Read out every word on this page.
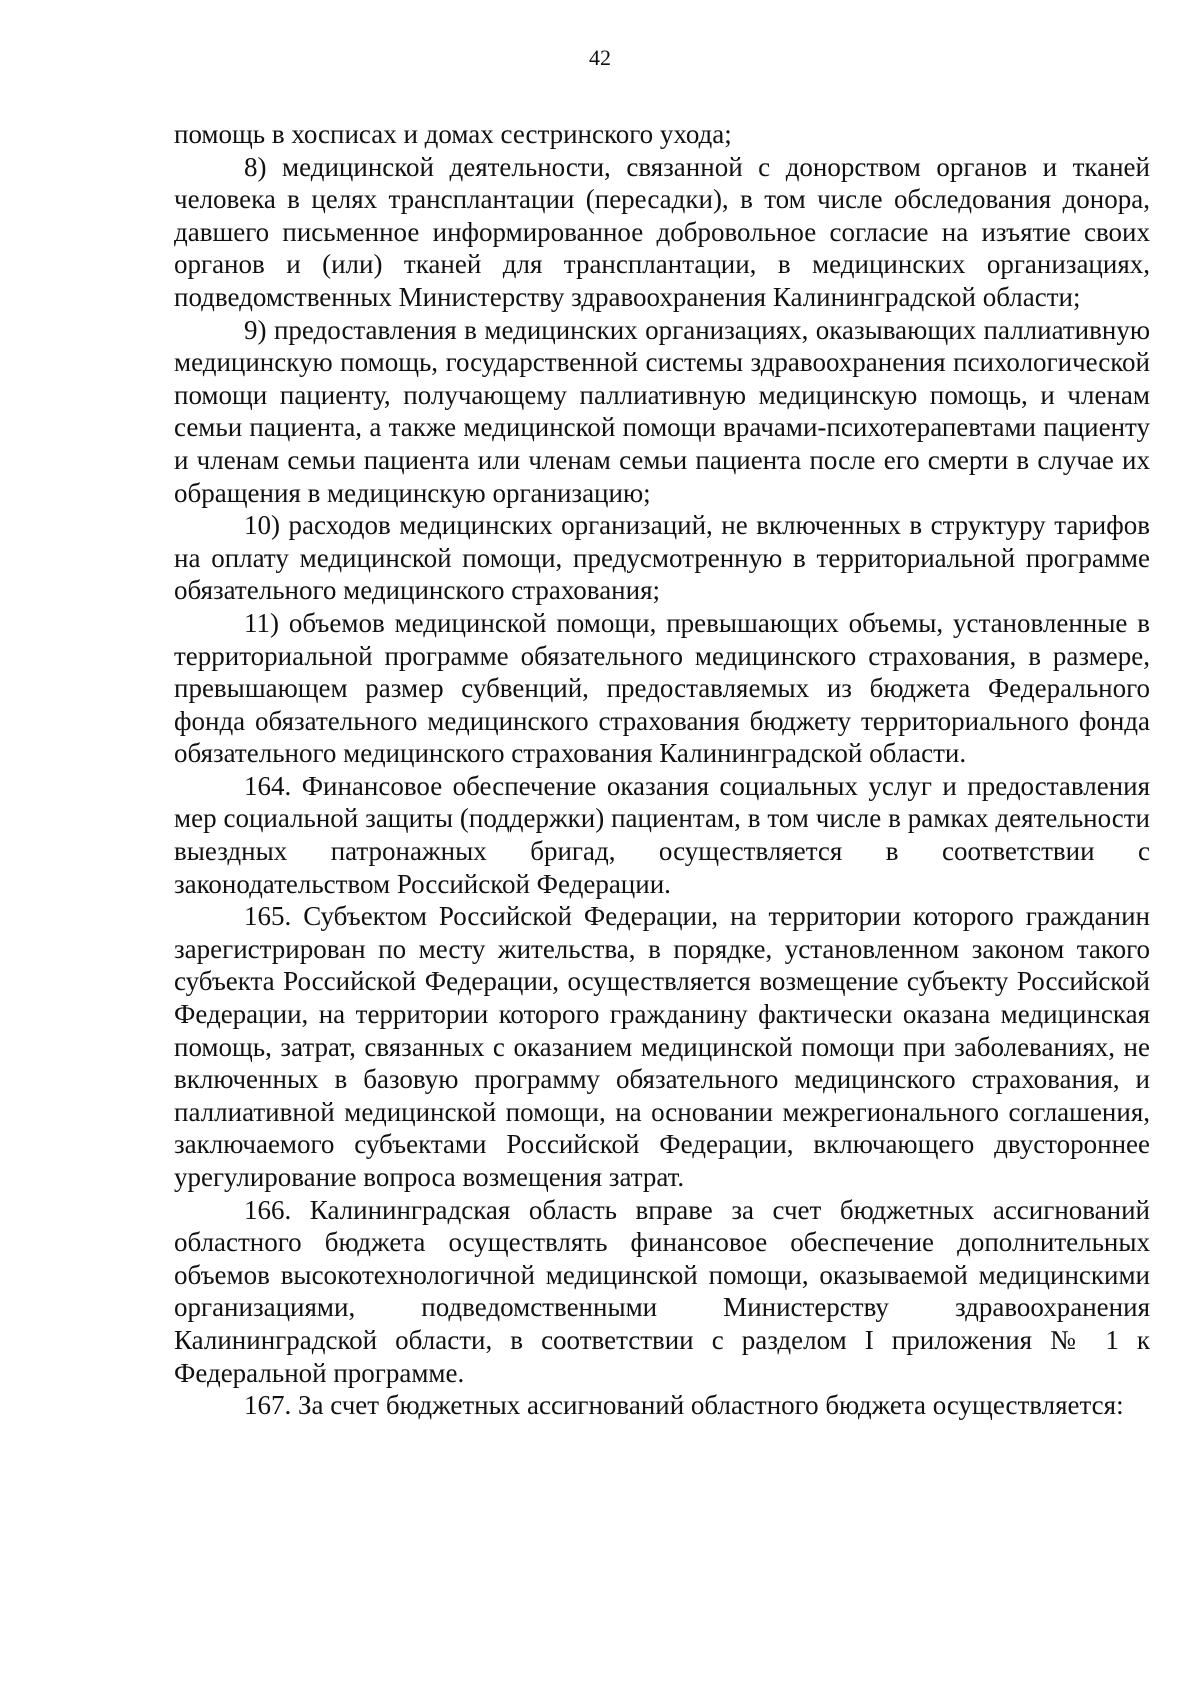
42

помощь в хосписах и домах сестринского ухода;

8) медицинской деятельности, связанной с донорством органов и тканей человека в целях трансплантации (пересадки), в том числе обследования донора, давшего письменное информированное добровольное согласие на изъятие своих органов и (или) тканей для трансплантации, в медицинских организациях, подведомственных Министерству здравоохранения Калининградской области;

9) предоставления в медицинских организациях, оказывающих паллиативную медицинскую помощь, государственной системы здравоохранения психологической помощи пациенту, получающему паллиативную медицинскую помощь, и членам семьи пациента, а также медицинской помощи врачами-психотерапевтами пациенту и членам семьи пациента или членам семьи пациента после его смерти в случае их обращения в медицинскую организацию;

10) расходов медицинских организаций, не включенных в структуру тарифов на оплату медицинской помощи, предусмотренную в территориальной программе обязательного медицинского страхования;

11) объемов медицинской помощи, превышающих объемы, установленные в территориальной программе обязательного медицинского страхования, в размере, превышающем размер субвенций, предоставляемых из бюджета Федерального фонда обязательного медицинского страхования бюджету территориального фонда обязательного медицинского страхования Калининградской области.

164. Финансовое обеспечение оказания социальных услуг и предоставления мер социальной защиты (поддержки) пациентам, в том числе в рамках деятельности выездных патронажных бригад, осуществляется в соответствии с законодательством Российской Федерации.

165. Субъектом Российской Федерации, на территории которого гражданин зарегистрирован по месту жительства, в порядке, установленном законом такого субъекта Российской Федерации, осуществляется возмещение субъекту Российской Федерации, на территории которого гражданину фактически оказана медицинская помощь, затрат, связанных с оказанием медицинской помощи при заболеваниях, не включенных в базовую программу обязательного медицинского страхования, и паллиативной медицинской помощи, на основании межрегионального соглашения, заключаемого субъектами Российской Федерации, включающего двустороннее урегулирование вопроса возмещения затрат.

166. Калининградская область вправе за счет бюджетных ассигнований областного бюджета осуществлять финансовое обеспечение дополнительных объемов высокотехнологичной медицинской помощи, оказываемой медицинскими организациями, подведомственными Министерству здравоохранения Калининградской области, в соответствии с разделом I приложения № 1 к Федеральной программе.

167. За счет бюджетных ассигнований областного бюджета осуществляется:
